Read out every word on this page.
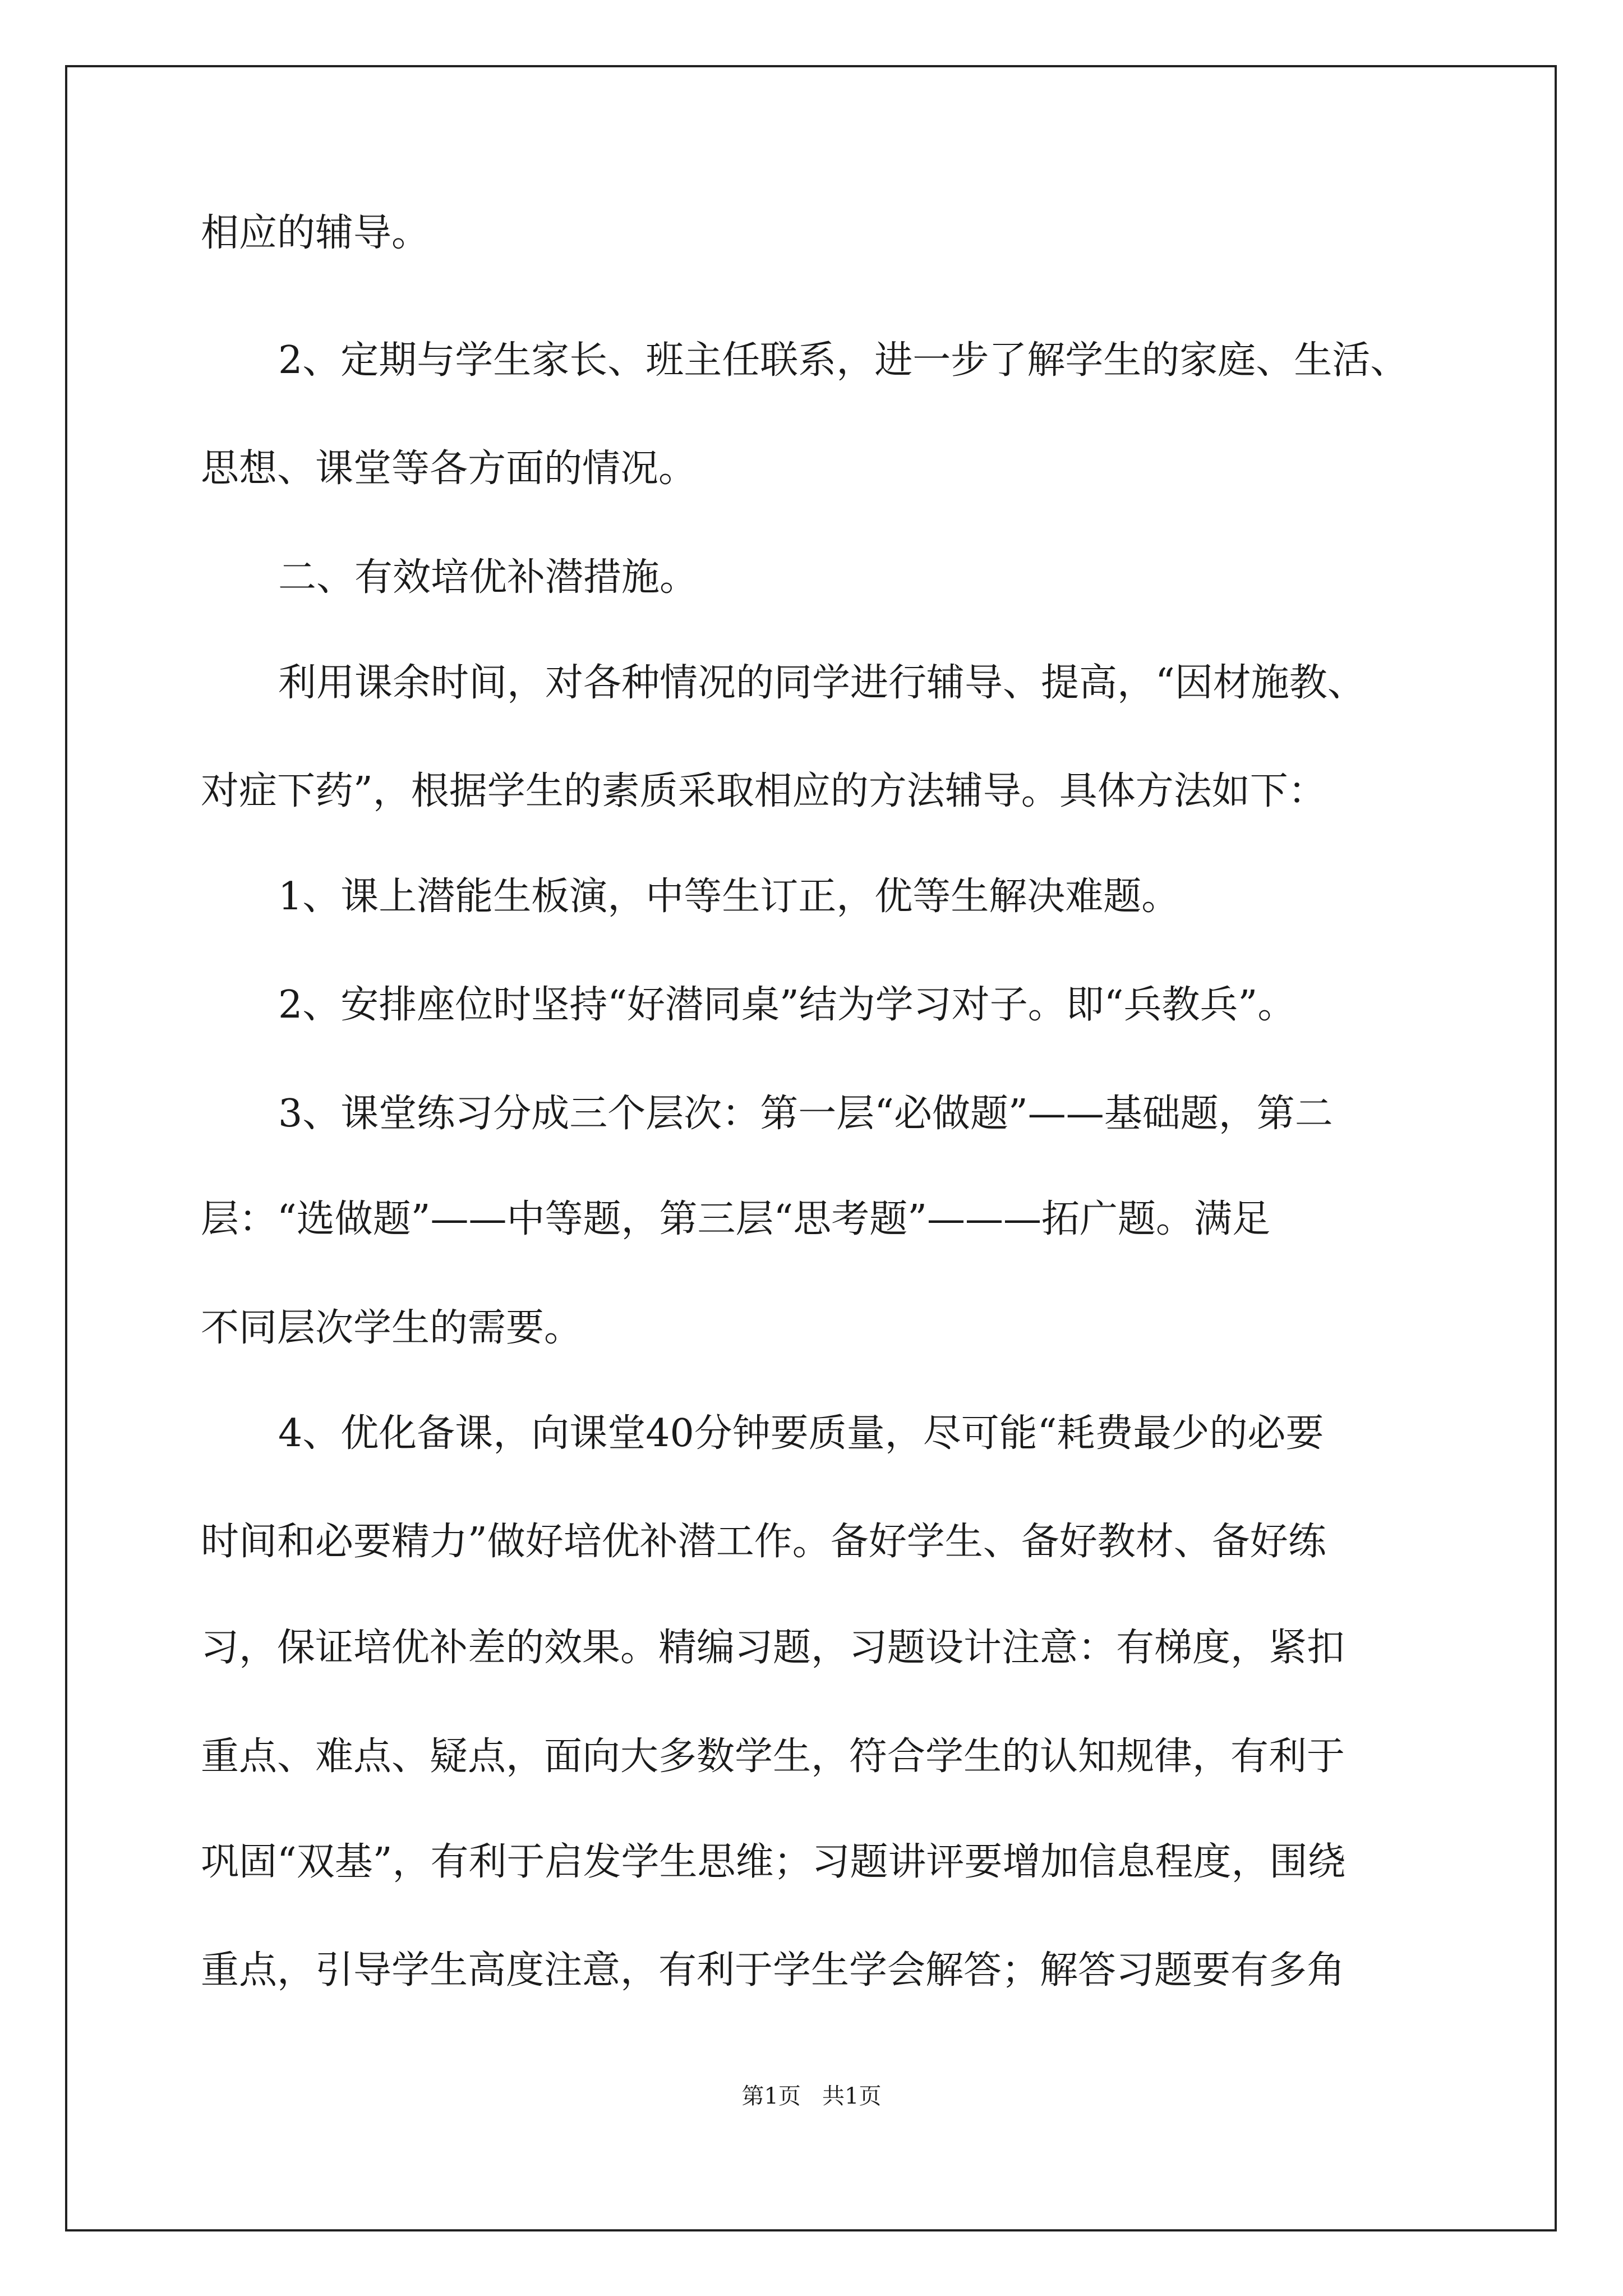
相应的辅导。
2、定期与学生家长、班主任联系，进一步了解学生的家庭、生活、
思想、课堂等各方面的情况。
二、有效培优补潜措施。
利用课余时间，对各种情况的同学进行辅导、提高，“因材施教、
对症下药”，根据学生的素质采取相应的方法辅导。具体方法如下：
1、课上潜能生板演，中等生订正，优等生解决难题。
2、安排座位时坚持“好潜同桌”结为学习对子。即“兵教兵”。
3、课堂练习分成三个层次：第一层“必做题”——基础题，第二
层：“选做题”——中等题，第三层“思考题”———拓广题。满足
不同层次学生的需要。
4、优化备课，向课堂40分钟要质量，尽可能“耗费最少的必要
时间和必要精力”做好培优补潜工作。备好学生、备好教材、备好练
习，保证培优补差的效果。精编习题，习题设计注意：有梯度，紧扣
重点、难点、疑点，面向大多数学生，符合学生的认知规律，有利于
巩固“双基”，有利于启发学生思维；习题讲评要增加信息程度，围绕
重点，引导学生高度注意，有利于学生学会解答；解答习题要有多角
第1页   共1页
